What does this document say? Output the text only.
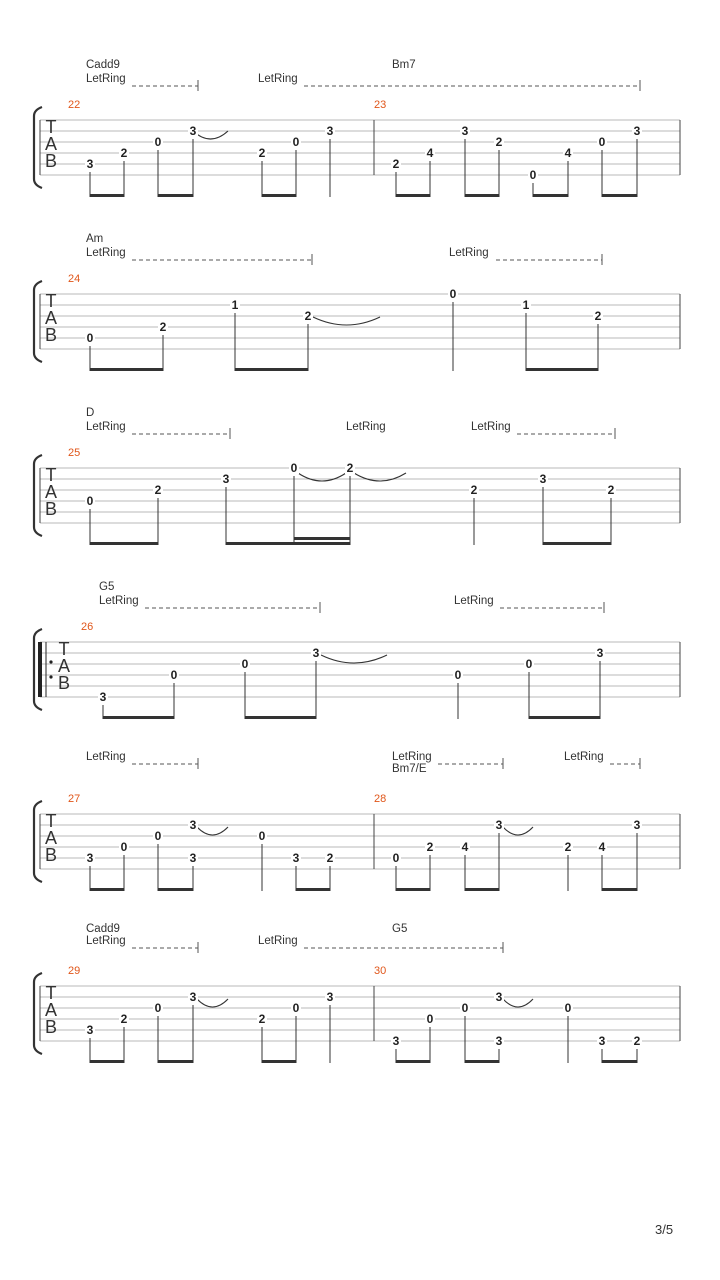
T
A
B
22	23
Cadd9	Bm7
LetRing	LetRing
3
2
0
3
2
0
3
2
4
3
2
0
4
0
3
T
A
B
24
Am
LetRing	LetRing
0
2
1
2
0
1
2
T
A
B
25
D
LetRing	LetRing	LetRing
0
2
3
0	2
2
3
2
T
A
B
26
G5
LetRing	LetRing
3
0
0
3
0
0
3
T
A
B
27	28
Bm7/E
LetRing	LetRing	LetRing
3
0
0
3
3
0
3 2	0
2 4
3
2 4
3
T
A
B
29	30
Cadd9	G5
LetRing	LetRing
3
2
0
3
2
0
3
3
0
0
3
3
0
3 2
3/5
